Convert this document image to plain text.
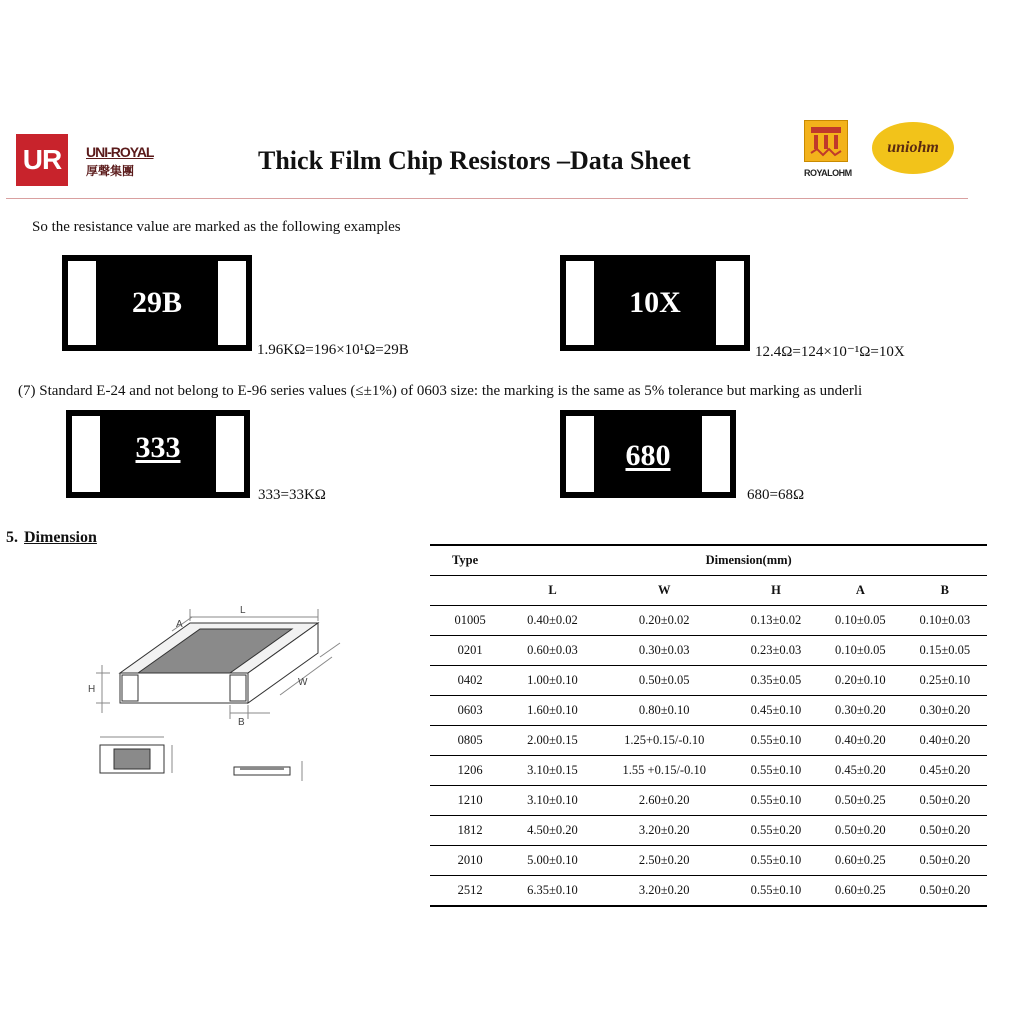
UR	UNI-ROYAL
厚聲集團	Thick Film Chip Resistors –Data Sheet	ROYALOHM
uniohm
So the resistance value are marked as the following examples
29B
1.96KΩ=196×10¹Ω=29B
10X
12.4Ω=124×10⁻¹Ω=10X
(7) Standard E-24 and not belong to E-96 series values (≤±1%) of 0603 size: the marking is the same as 5% tolerance but marking as underli
333
333=33KΩ
680
680=68Ω
5. Dimension
L
A
W
H
B
Type	Dimension(mm)				
	L	W	H	A	B
01005	0.40±0.02	0.20±0.02	0.13±0.02	0.10±0.05	0.10±0.03
0201	0.60±0.03	0.30±0.03	0.23±0.03	0.10±0.05	0.15±0.05
0402	1.00±0.10	0.50±0.05	0.35±0.05	0.20±0.10	0.25±0.10
0603	1.60±0.10	0.80±0.10	0.45±0.10	0.30±0.20	0.30±0.20
0805	2.00±0.15	1.25+0.15/-0.10	0.55±0.10	0.40±0.20	0.40±0.20
1206	3.10±0.15	1.55 +0.15/-0.10	0.55±0.10	0.45±0.20	0.45±0.20
1210	3.10±0.10	2.60±0.20	0.55±0.10	0.50±0.25	0.50±0.20
1812	4.50±0.20	3.20±0.20	0.55±0.20	0.50±0.20	0.50±0.20
2010	5.00±0.10	2.50±0.20	0.55±0.10	0.60±0.25	0.50±0.20
2512	6.35±0.10	3.20±0.20	0.55±0.10	0.60±0.25	0.50±0.20
